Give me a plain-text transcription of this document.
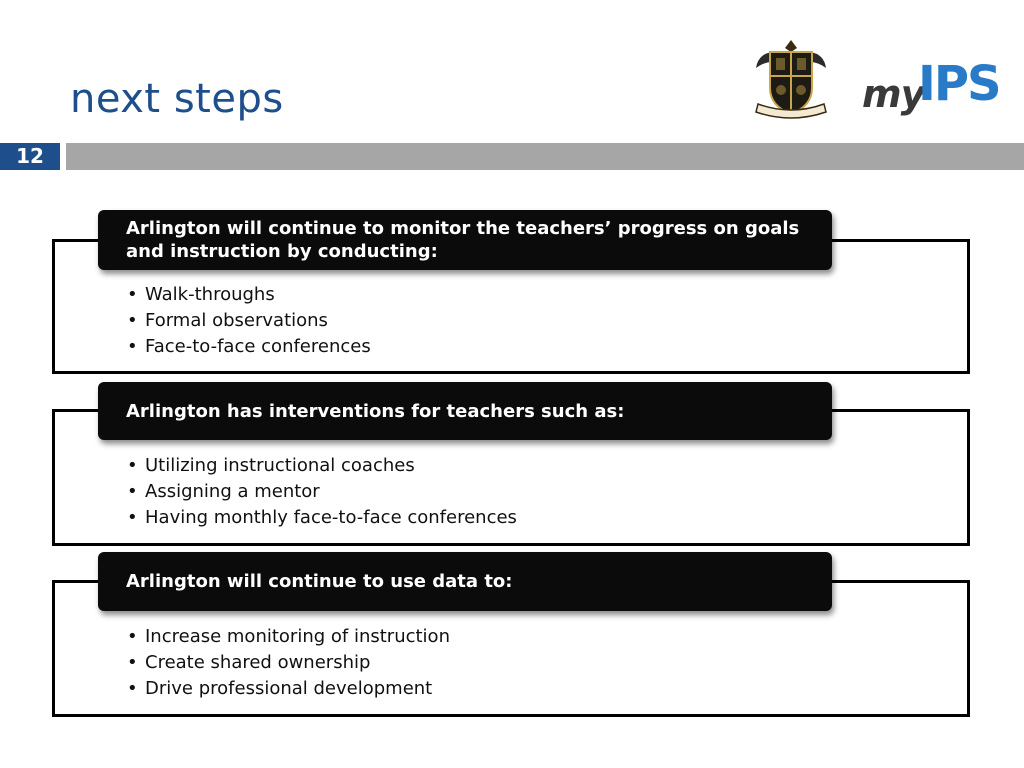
next steps	my
IPS
12
• Walk-throughs
• Formal observations
• Face-to-face conferences
Arlington will continue to monitor the teachers’ progress on goals and instruction by conducting:
• Utilizing instructional coaches
• Assigning a mentor
• Having monthly face-to-face conferences
Arlington has interventions for teachers such as:
• Increase monitoring of instruction
• Create shared ownership
• Drive professional development
Arlington will continue to use data to:
